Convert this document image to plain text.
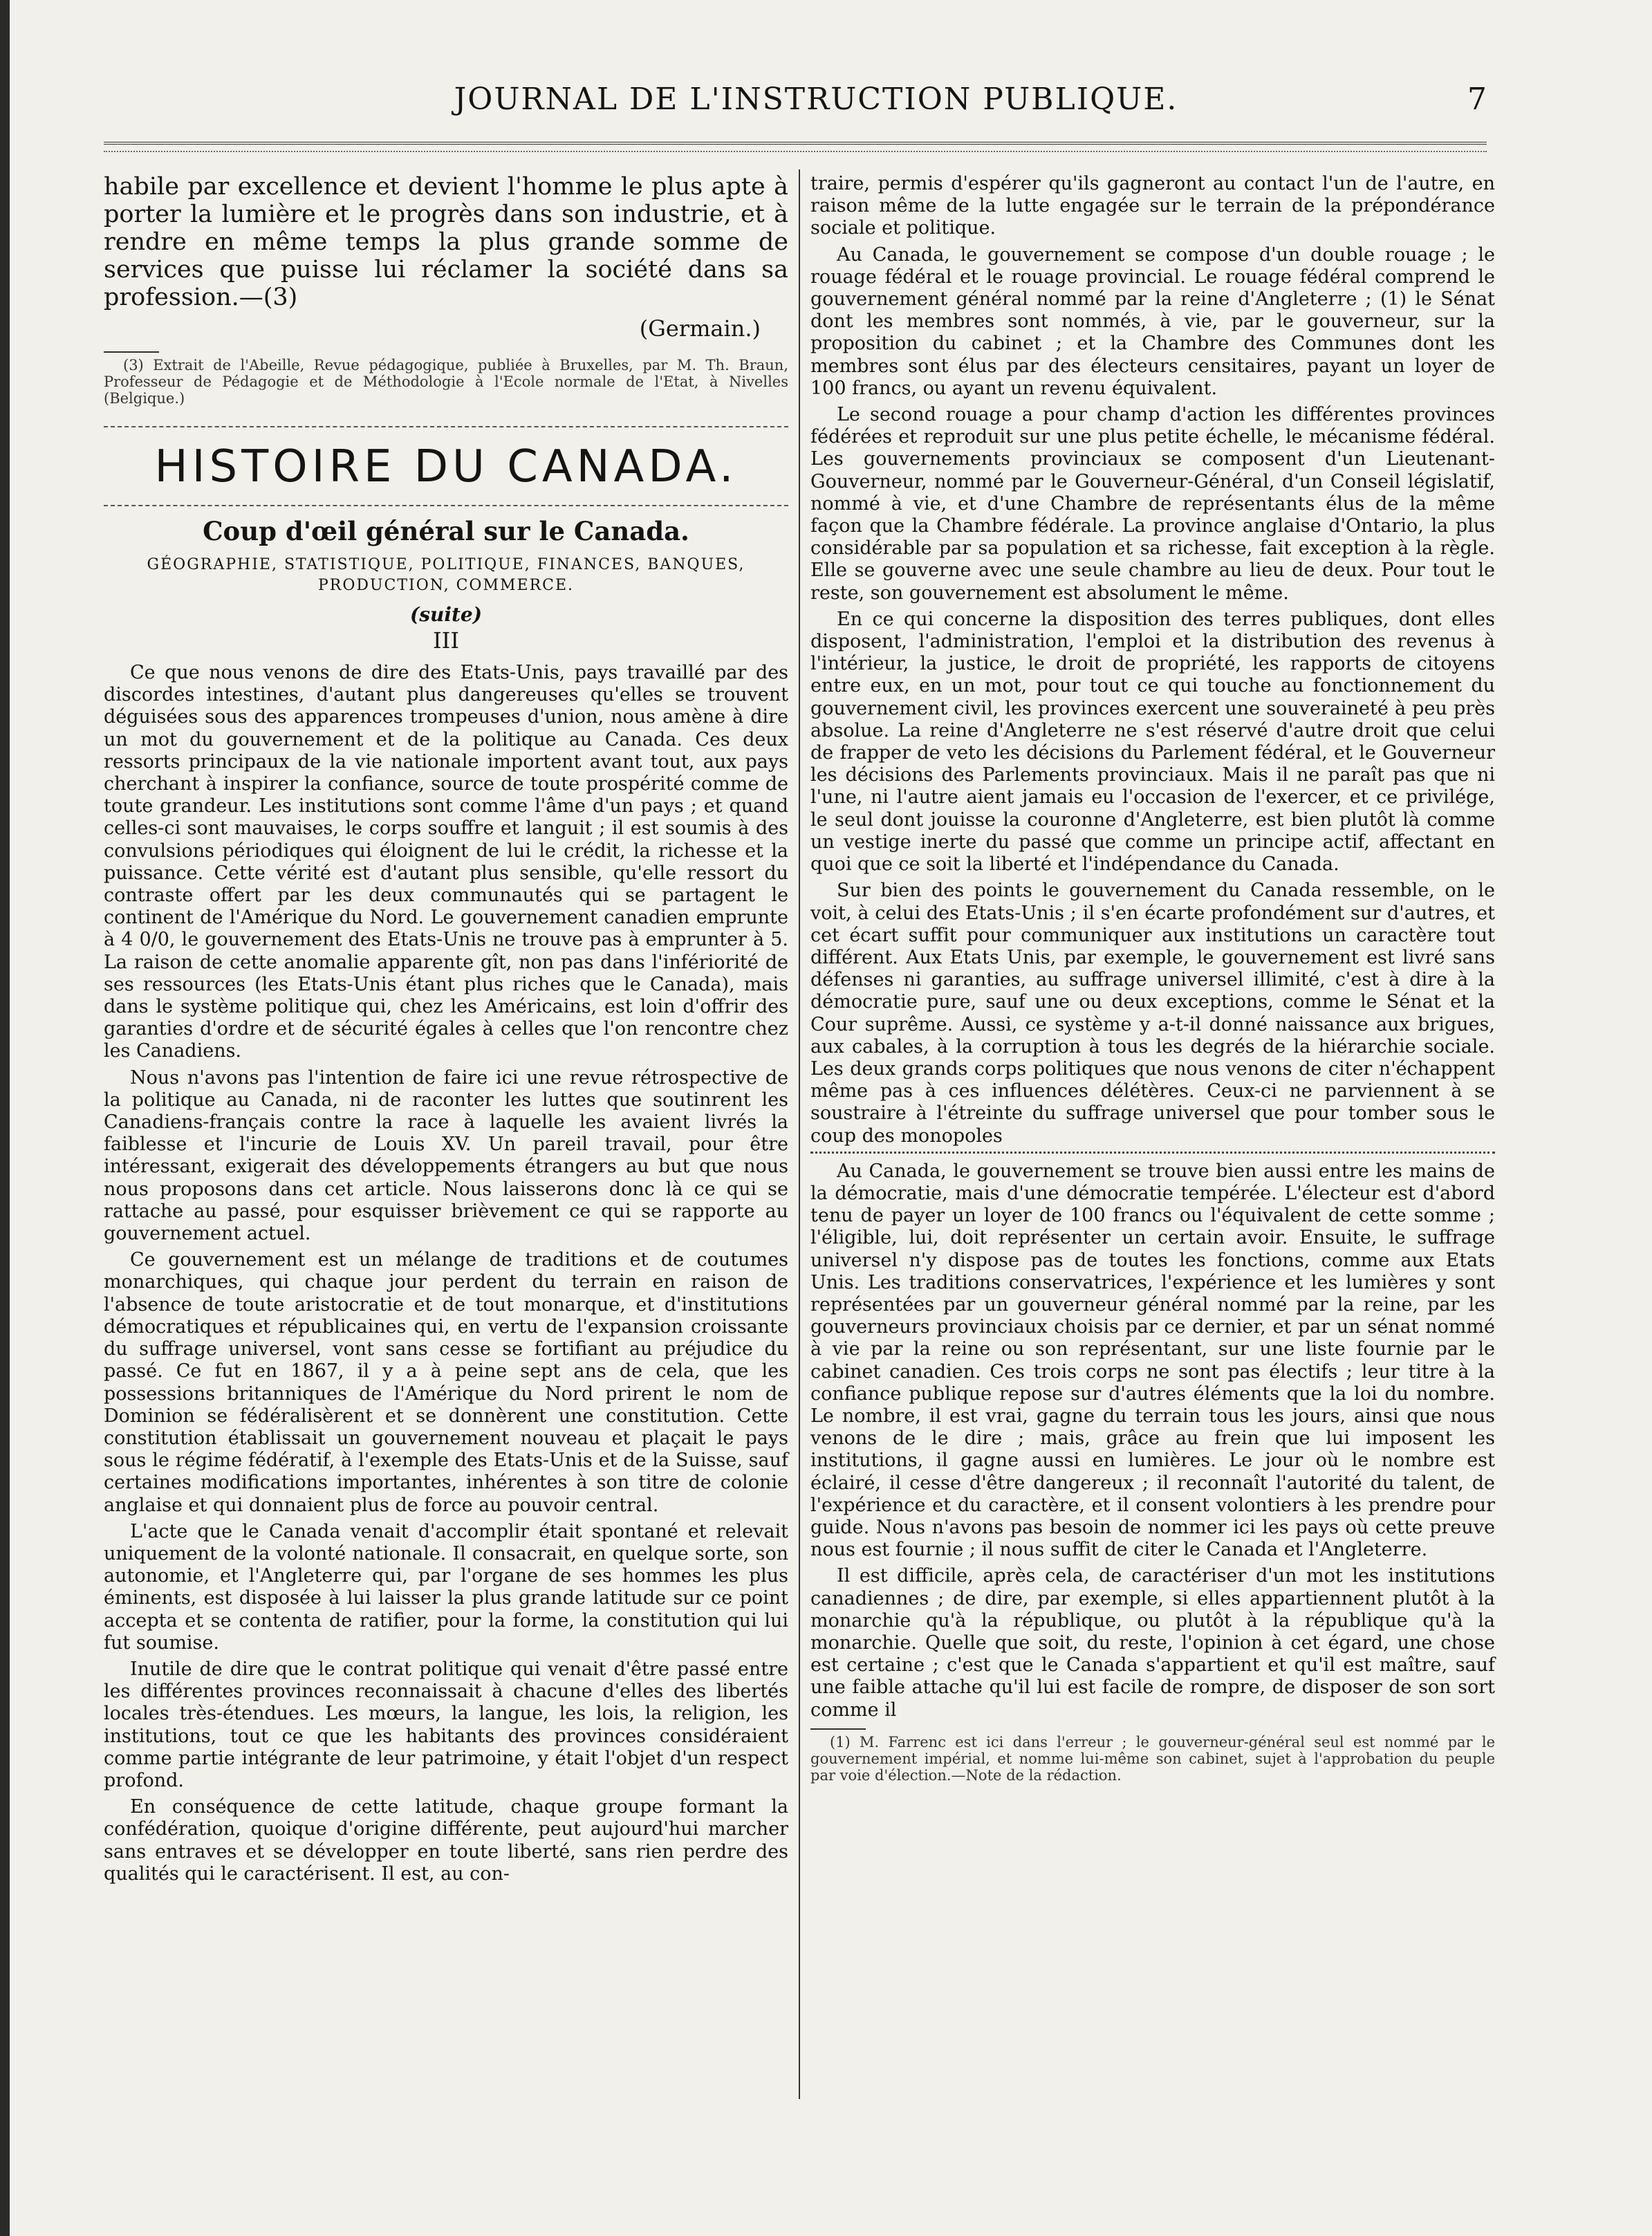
JOURNAL DE L'INSTRUCTION PUBLIQUE.	7

habile par excellence et devient l'homme le plus apte à porter la lumière et le progrès dans son industrie, et à rendre en même temps la plus grande somme de services que puisse lui réclamer la société dans sa profession.—(3)

(Germain.)

(3) Extrait de l'Abeille, Revue pédagogique, publiée à Bruxelles, par M. Th. Braun, Professeur de Pédagogie et de Méthodologie à l'Ecole normale de l'Etat, à Nivelles (Belgique.)

HISTOIRE DU CANADA.
Coup d'œil général sur le Canada.
GÉOGRAPHIE, STATISTIQUE, POLITIQUE, FINANCES, BANQUES, PRODUCTION, COMMERCE.
(suite)
III

Ce que nous venons de dire des Etats-Unis, pays travaillé par des discordes intestines, d'autant plus dangereuses qu'elles se trouvent déguisées sous des apparences trompeuses d'union, nous amène à dire un mot du gouvernement et de la politique au Canada. Ces deux ressorts principaux de la vie nationale importent avant tout, aux pays cherchant à inspirer la confiance, source de toute prospérité comme de toute grandeur. Les institutions sont comme l'âme d'un pays ; et quand celles-ci sont mauvaises, le corps souffre et languit ; il est soumis à des convulsions périodiques qui éloignent de lui le crédit, la richesse et la puissance. Cette vérité est d'autant plus sensible, qu'elle ressort du contraste offert par les deux communautés qui se partagent le continent de l'Amérique du Nord. Le gouvernement canadien emprunte à 4 0/0, le gouvernement des Etats-Unis ne trouve pas à emprunter à 5. La raison de cette anomalie apparente gît, non pas dans l'infériorité de ses ressources (les Etats-Unis étant plus riches que le Canada), mais dans le système politique qui, chez les Américains, est loin d'offrir des garanties d'ordre et de sécurité égales à celles que l'on rencontre chez les Canadiens.

Nous n'avons pas l'intention de faire ici une revue rétrospective de la politique au Canada, ni de raconter les luttes que soutinrent les Canadiens-français contre la race à laquelle les avaient livrés la faiblesse et l'incurie de Louis XV. Un pareil travail, pour être intéressant, exigerait des développements étrangers au but que nous nous proposons dans cet article. Nous laisserons donc là ce qui se rattache au passé, pour esquisser brièvement ce qui se rapporte au gouvernement actuel.

Ce gouvernement est un mélange de traditions et de coutumes monarchiques, qui chaque jour perdent du terrain en raison de l'absence de toute aristocratie et de tout monarque, et d'institutions démocratiques et républicaines qui, en vertu de l'expansion croissante du suffrage universel, vont sans cesse se fortifiant au préjudice du passé. Ce fut en 1867, il y a à peine sept ans de cela, que les possessions britanniques de l'Amérique du Nord prirent le nom de Dominion se fédéralisèrent et se donnèrent une constitution. Cette constitution établissait un gouvernement nouveau et plaçait le pays sous le régime fédératif, à l'exemple des Etats-Unis et de la Suisse, sauf certaines modifications importantes, inhérentes à son titre de colonie anglaise et qui donnaient plus de force au pouvoir central.

L'acte que le Canada venait d'accomplir était spontané et relevait uniquement de la volonté nationale. Il consacrait, en quelque sorte, son autonomie, et l'Angleterre qui, par l'organe de ses hommes les plus éminents, est disposée à lui laisser la plus grande latitude sur ce point accepta et se contenta de ratifier, pour la forme, la constitution qui lui fut soumise.

Inutile de dire que le contrat politique qui venait d'être passé entre les différentes provinces reconnaissait à chacune d'elles des libertés locales très-étendues. Les mœurs, la langue, les lois, la religion, les institutions, tout ce que les habitants des provinces considéraient comme partie intégrante de leur patrimoine, y était l'objet d'un respect profond.

En conséquence de cette latitude, chaque groupe formant la confédération, quoique d'origine différente, peut aujourd'hui marcher sans entraves et se développer en toute liberté, sans rien perdre des qualités qui le caractérisent. Il est, au con-

traire, permis d'espérer qu'ils gagneront au contact l'un de l'autre, en raison même de la lutte engagée sur le terrain de la prépondérance sociale et politique.

Au Canada, le gouvernement se compose d'un double rouage ; le rouage fédéral et le rouage provincial. Le rouage fédéral comprend le gouvernement général nommé par la reine d'Angleterre ; (1) le Sénat dont les membres sont nommés, à vie, par le gouverneur, sur la proposition du cabinet ; et la Chambre des Communes dont les membres sont élus par des électeurs censitaires, payant un loyer de 100 francs, ou ayant un revenu équivalent.

Le second rouage a pour champ d'action les différentes provinces fédérées et reproduit sur une plus petite échelle, le mécanisme fédéral. Les gouvernements provinciaux se composent d'un Lieutenant-Gouverneur, nommé par le Gouverneur-Général, d'un Conseil législatif, nommé à vie, et d'une Chambre de représentants élus de la même façon que la Chambre fédérale. La province anglaise d'Ontario, la plus considérable par sa population et sa richesse, fait exception à la règle. Elle se gouverne avec une seule chambre au lieu de deux. Pour tout le reste, son gouvernement est absolument le même.

En ce qui concerne la disposition des terres publiques, dont elles disposent, l'administration, l'emploi et la distribution des revenus à l'intérieur, la justice, le droit de propriété, les rapports de citoyens entre eux, en un mot, pour tout ce qui touche au fonctionnement du gouvernement civil, les provinces exercent une souveraineté à peu près absolue. La reine d'Angleterre ne s'est réservé d'autre droit que celui de frapper de veto les décisions du Parlement fédéral, et le Gouverneur les décisions des Parlements provinciaux. Mais il ne paraît pas que ni l'une, ni l'autre aient jamais eu l'occasion de l'exercer, et ce privilége, le seul dont jouisse la couronne d'Angleterre, est bien plutôt là comme un vestige inerte du passé que comme un principe actif, affectant en quoi que ce soit la liberté et l'indépendance du Canada.

Sur bien des points le gouvernement du Canada ressemble, on le voit, à celui des Etats-Unis ; il s'en écarte profondément sur d'autres, et cet écart suffit pour communiquer aux institutions un caractère tout différent. Aux Etats Unis, par exemple, le gouvernement est livré sans défenses ni garanties, au suffrage universel illimité, c'est à dire à la démocratie pure, sauf une ou deux exceptions, comme le Sénat et la Cour suprême. Aussi, ce système y a-t-il donné naissance aux brigues, aux cabales, à la corruption à tous les degrés de la hiérarchie sociale. Les deux grands corps politiques que nous venons de citer n'échappent même pas à ces influences délétères. Ceux-ci ne parviennent à se soustraire à l'étreinte du suffrage universel que pour tomber sous le coup des monopoles

Au Canada, le gouvernement se trouve bien aussi entre les mains de la démocratie, mais d'une démocratie tempérée. L'électeur est d'abord tenu de payer un loyer de 100 francs ou l'équivalent de cette somme ; l'éligible, lui, doit représenter un certain avoir. Ensuite, le suffrage universel n'y dispose pas de toutes les fonctions, comme aux Etats Unis. Les traditions conservatrices, l'expérience et les lumières y sont représentées par un gouverneur général nommé par la reine, par les gouverneurs provinciaux choisis par ce dernier, et par un sénat nommé à vie par la reine ou son représentant, sur une liste fournie par le cabinet canadien. Ces trois corps ne sont pas électifs ; leur titre à la confiance publique repose sur d'autres éléments que la loi du nombre. Le nombre, il est vrai, gagne du terrain tous les jours, ainsi que nous venons de le dire ; mais, grâce au frein que lui imposent les institutions, il gagne aussi en lumières. Le jour où le nombre est éclairé, il cesse d'être dangereux ; il reconnaît l'autorité du talent, de l'expérience et du caractère, et il consent volontiers à les prendre pour guide. Nous n'avons pas besoin de nommer ici les pays où cette preuve nous est fournie ; il nous suffit de citer le Canada et l'Angleterre.

Il est difficile, après cela, de caractériser d'un mot les institutions canadiennes ; de dire, par exemple, si elles appartiennent plutôt à la monarchie qu'à la république, ou plutôt à la république qu'à la monarchie. Quelle que soit, du reste, l'opinion à cet égard, une chose est certaine ; c'est que le Canada s'appartient et qu'il est maître, sauf une faible attache qu'il lui est facile de rompre, de disposer de son sort comme il

(1) M. Farrenc est ici dans l'erreur ; le gouverneur-général seul est nommé par le gouvernement impérial, et nomme lui-même son cabinet, sujet à l'approbation du peuple par voie d'élection.—Note de la rédaction.
